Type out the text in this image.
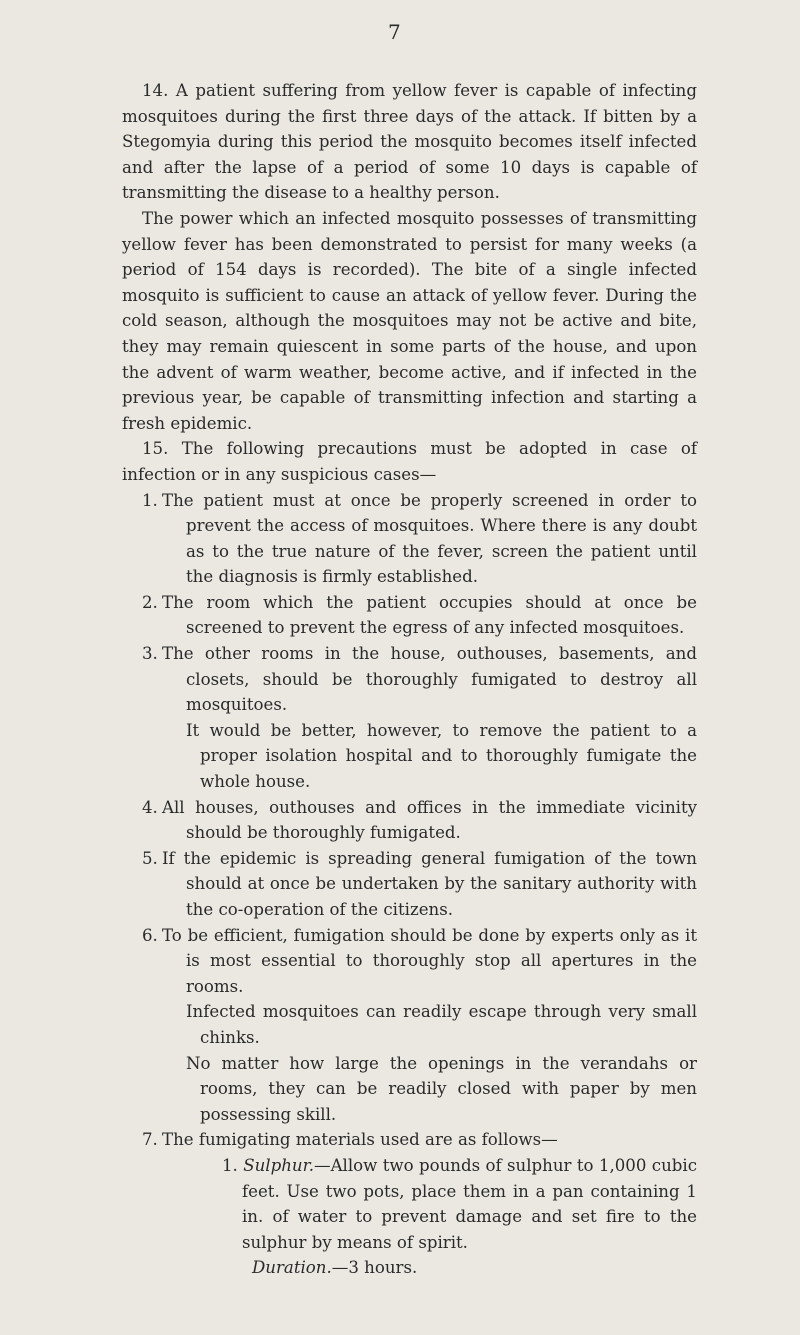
7

14. A patient suffering from yellow fever is capable of infecting mosquitoes during the first three days of the attack. If bitten by a Stegomyia during this period the mosquito becomes itself infected and after the lapse of a period of some 10 days is capable of transmitting the disease to a healthy person.

The power which an infected mosquito possesses of transmitting yellow fever has been demonstrated to persist for many weeks (a period of 154 days is recorded). The bite of a single infected mosquito is sufficient to cause an attack of yellow fever. During the cold season, although the mosquitoes may not be active and bite, they may remain quiescent in some parts of the house, and upon the advent of warm weather, become active, and if infected in the previous year, be capable of transmitting infection and starting a fresh epidemic.

15. The following precautions must be adopted in case of infection or in any suspicious cases—

1. The patient must at once be properly screened in order to prevent the access of mosquitoes. Where there is any doubt as to the true nature of the fever, screen the patient until the diagnosis is firmly established.

2. The room which the patient occupies should at once be screened to prevent the egress of any infected mosquitoes.

3. The other rooms in the house, outhouses, basements, and closets, should be thoroughly fumigated to destroy all mosquitoes.

It would be better, however, to remove the patient to a proper isolation hospital and to thoroughly fumigate the whole house.

4. All houses, outhouses and offices in the immediate vicinity should be thoroughly fumigated.

5. If the epidemic is spreading general fumigation of the town should at once be undertaken by the sanitary authority with the co-operation of the citizens.

6. To be efficient, fumigation should be done by experts only as it is most essential to thoroughly stop all apertures in the rooms.

Infected mosquitoes can readily escape through very small chinks.

No matter how large the openings in the verandahs or rooms, they can be readily closed with paper by men possessing skill.

7. The fumigating materials used are as follows—

1. Sulphur.—Allow two pounds of sulphur to 1,000 cubic feet. Use two pots, place them in a pan containing 1 in. of water to prevent damage and set fire to the sulphur by means of spirit.

Duration.—3 hours.
